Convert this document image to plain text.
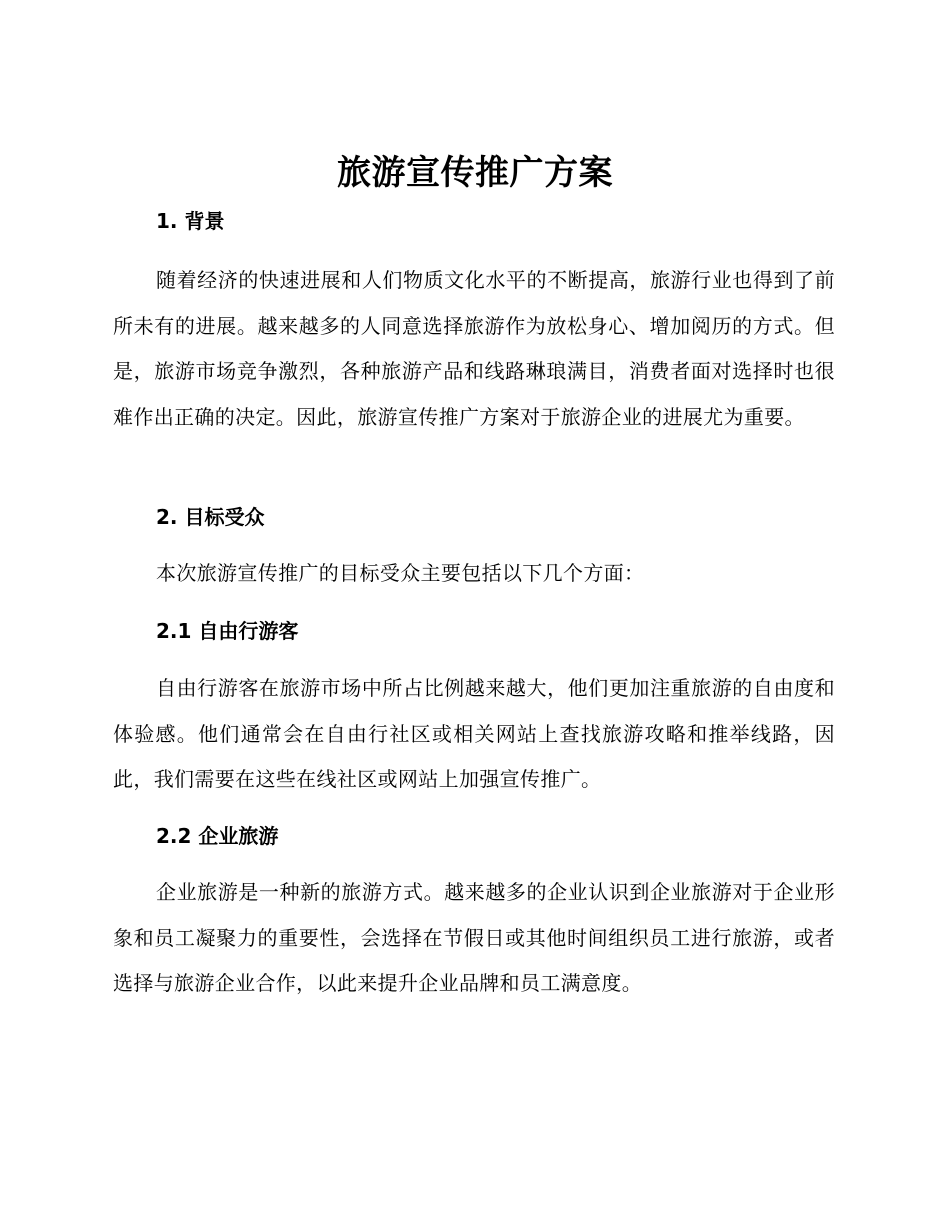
旅游宣传推广方案
1. 背景

随着经济的快速进展和人们物质文化水平的不断提高，旅游行业也得到了前所未有的进展。越来越多的人同意选择旅游作为放松身心、增加阅历的方式。但是，旅游市场竞争激烈，各种旅游产品和线路琳琅满目，消费者面对选择时也很难作出正确的决定。因此，旅游宣传推广方案对于旅游企业的进展尤为重要。

2. 目标受众

本次旅游宣传推广的目标受众主要包括以下几个方面：

2.1 自由行游客

自由行游客在旅游市场中所占比例越来越大，他们更加注重旅游的自由度和体验感。他们通常会在自由行社区或相关网站上查找旅游攻略和推举线路，因此，我们需要在这些在线社区或网站上加强宣传推广。

2.2 企业旅游

企业旅游是一种新的旅游方式。越来越多的企业认识到企业旅游对于企业形象和员工凝聚力的重要性，会选择在节假日或其他时间组织员工进行旅游，或者选择与旅游企业合作，以此来提升企业品牌和员工满意度。
